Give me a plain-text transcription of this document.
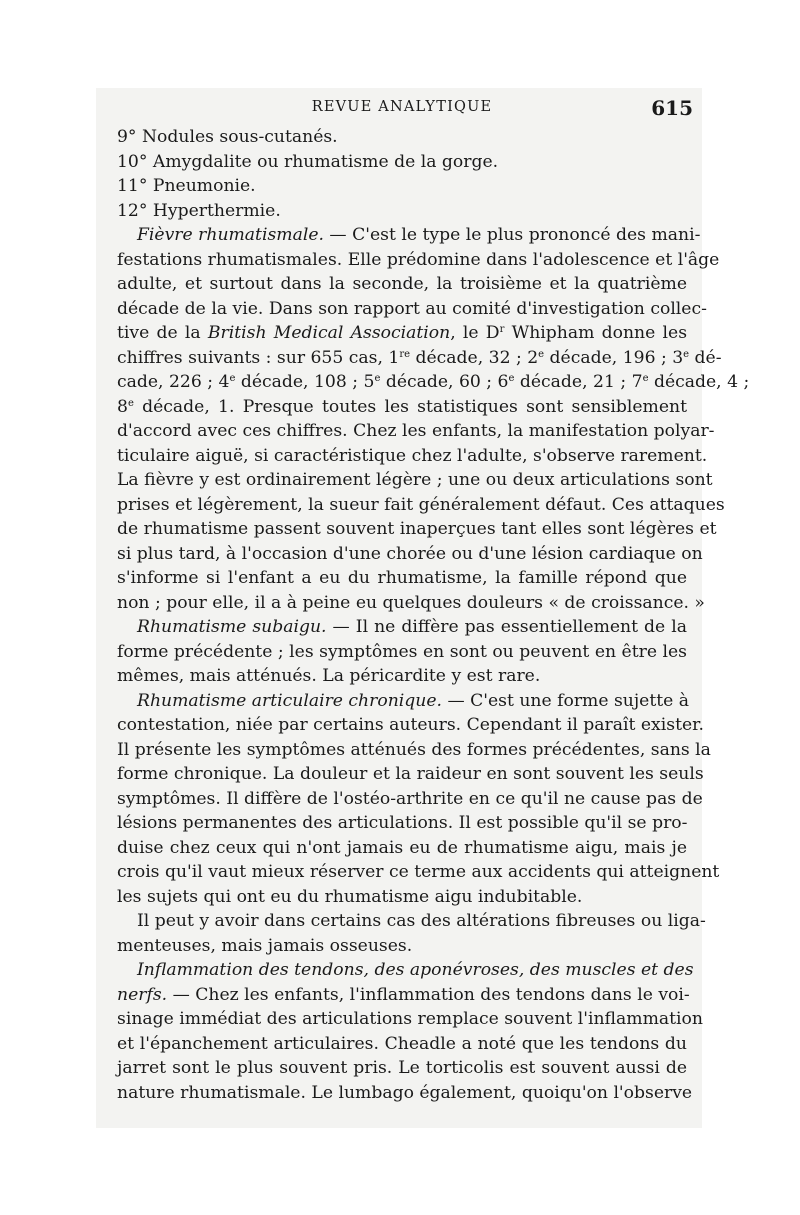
REVUE ANALYTIQUE	615
9° Nodules sous-cutanés.
10° Amygdalite ou rhumatisme de la gorge.
11° Pneumonie.
12° Hyperthermie.
Fièvre rhumatismale. — C'est le type le plus prononcé des mani-
festations rhumatismales. Elle prédomine dans l'adolescence et l'âge
adulte, et surtout dans la seconde, la troisième et la quatrième
décade de la vie. Dans son rapport au comité d'investigation collec-
tive de la British Medical Association, le $D^r$ Whipham donne les
chiffres suivants : sur 655 cas, 1re décade, 32 ; 2e décade, 196 ; 3e dé-
cade, 226 ; 4e décade, 108 ; 5e décade, 60 ; 6e décade, 21 ; 7e décade, 4 ;
8e décade, 1. Presque toutes les statistiques sont sensiblement
d'accord avec ces chiffres. Chez les enfants, la manifestation polyar-
ticulaire aiguë, si caractéristique chez l'adulte, s'observe rarement.
La fièvre y est ordinairement légère ; une ou deux articulations sont
prises et légèrement, la sueur fait généralement défaut. Ces attaques
de rhumatisme passent souvent inaperçues tant elles sont légères et
si plus tard, à l'occasion d'une chorée ou d'une lésion cardiaque on
s'informe si l'enfant a eu du rhumatisme, la famille répond que
non ; pour elle, il a à peine eu quelques douleurs « de croissance. »
Rhumatisme subaigu. — Il ne diffère pas essentiellement de la
forme précédente ; les symptômes en sont ou peuvent en être les
mêmes, mais atténués. La péricardite y est rare.
Rhumatisme articulaire chronique. — C'est une forme sujette à
contestation, niée par certains auteurs. Cependant il paraît exister.
Il présente les symptômes atténués des formes précédentes, sans la
forme chronique. La douleur et la raideur en sont souvent les seuls
symptômes. Il diffère de l'ostéo-arthrite en ce qu'il ne cause pas de
lésions permanentes des articulations. Il est possible qu'il se pro-
duise chez ceux qui n'ont jamais eu de rhumatisme aigu, mais je
crois qu'il vaut mieux réserver ce terme aux accidents qui atteignent
les sujets qui ont eu du rhumatisme aigu indubitable.
Il peut y avoir dans certains cas des altérations fibreuses ou liga-
menteuses, mais jamais osseuses.
Inflammation des tendons, des aponévroses, des muscles et des
nerfs. — Chez les enfants, l'inflammation des tendons dans le voi-
sinage immédiat des articulations remplace souvent l'inflammation
et l'épanchement articulaires. Cheadle a noté que les tendons du
jarret sont le plus souvent pris. Le torticolis est souvent aussi de
nature rhumatismale. Le lumbago également, quoiqu'on l'observe
